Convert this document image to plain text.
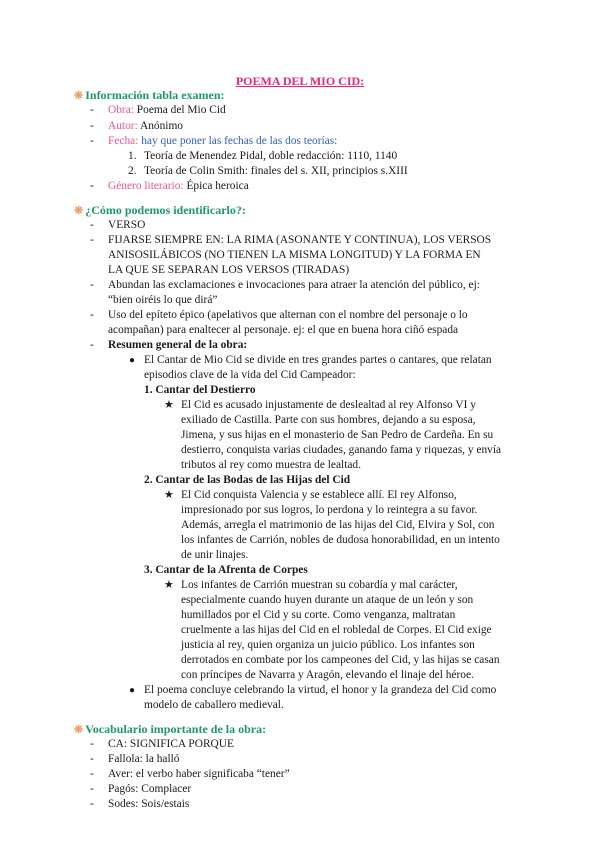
POEMA DEL MIO CID:
❋ Información tabla examen:
- Obra: Poema del Mio Cid
- Autor: Anónimo
- Fecha: hay que poner las fechas de las dos teorías:
1. Teoría de Menendez Pidal, doble redacción: 1110, 1140
2. Teoría de Colin Smith: finales del s. XII, principios s.XIII
- Género literario: Épica heroica
❋ ¿Cómo podemos identificarlo?:
- VERSO
- FIJARSE SIEMPRE EN: LA RIMA (ASONANTE Y CONTINUA), LOS VERSOS
ANISOSILÁBICOS (NO TIENEN LA MISMA LONGITUD) Y LA FORMA EN
LA QUE SE SEPARAN LOS VERSOS (TIRADAS)
- Abundan las exclamaciones e invocaciones para atraer la atención del público, ej:
“bien oiréis lo que dirá”
- Uso del epíteto épico (apelativos que alternan con el nombre del personaje o lo
acompañan) para enaltecer al personaje. ej: el que en buena hora ciñó espada
- Resumen general de la obra:
● El Cantar de Mio Cid se divide en tres grandes partes o cantares, que relatan
episodios clave de la vida del Cid Campeador:
1. Cantar del Destierro
★ El Cid es acusado injustamente de deslealtad al rey Alfonso VI y
exiliado de Castilla. Parte con sus hombres, dejando a su esposa,
Jimena, y sus hijas en el monasterio de San Pedro de Cardeña. En su
destierro, conquista varias ciudades, ganando fama y riquezas, y envía
tributos al rey como muestra de lealtad.
2. Cantar de las Bodas de las Hijas del Cid
★ El Cid conquista Valencia y se establece allí. El rey Alfonso,
impresionado por sus logros, lo perdona y lo reintegra a su favor.
Además, arregla el matrimonio de las hijas del Cid, Elvira y Sol, con
los infantes de Carrión, nobles de dudosa honorabilidad, en un intento
de unir linajes.
3. Cantar de la Afrenta de Corpes
★ Los infantes de Carrión muestran su cobardía y mal carácter,
especialmente cuando huyen durante un ataque de un león y son
humillados por el Cid y su corte. Como venganza, maltratan
cruelmente a las hijas del Cid en el robledal de Corpes. El Cid exige
justicia al rey, quien organiza un juicio público. Los infantes son
derrotados en combate por los campeones del Cid, y las hijas se casan
con príncipes de Navarra y Aragón, elevando el linaje del héroe.
● El poema concluye celebrando la virtud, el honor y la grandeza del Cid como
modelo de caballero medieval.
❋ Vocabulario importante de la obra:
- CA: SIGNIFICA PORQUE
- Fallola: la halló
- Aver: el verbo haber significaba “tener”
- Pagós: Complacer
- Sodes: Sois/estais
